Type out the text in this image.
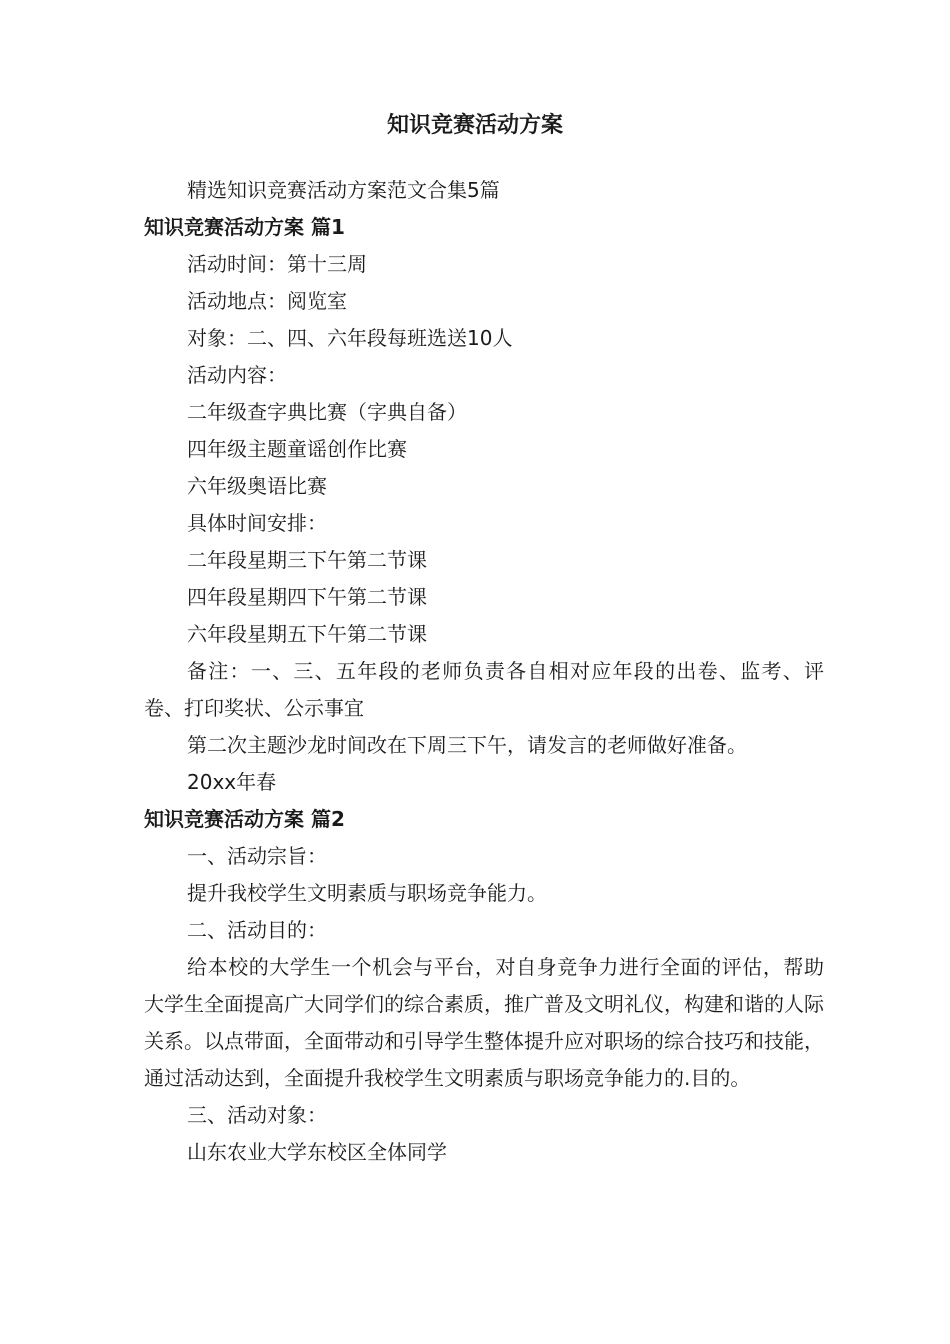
知识竞赛活动方案

精选知识竞赛活动方案范文合集5篇

知识竞赛活动方案 篇1

活动时间：第十三周

活动地点：阅览室

对象：二、四、六年段每班选送10人

活动内容：

二年级查字典比赛（字典自备）

四年级主题童谣创作比赛

六年级奥语比赛

具体时间安排：

二年段星期三下午第二节课

四年段星期四下午第二节课

六年段星期五下午第二节课

备注：一、三、五年段的老师负责各自相对应年段的出卷、监考、评卷、打印奖状、公示事宜

第二次主题沙龙时间改在下周三下午，请发言的老师做好准备。

20xx年春

知识竞赛活动方案 篇2

一、活动宗旨：

提升我校学生文明素质与职场竞争能力。

二、活动目的：

给本校的大学生一个机会与平台，对自身竞争力进行全面的评估，帮助大学生全面提高广大同学们的综合素质，推广普及文明礼仪，构建和谐的人际关系。以点带面，全面带动和引导学生整体提升应对职场的综合技巧和技能，通过活动达到，全面提升我校学生文明素质与职场竞争能力的.目的。

三、活动对象：

山东农业大学东校区全体同学
